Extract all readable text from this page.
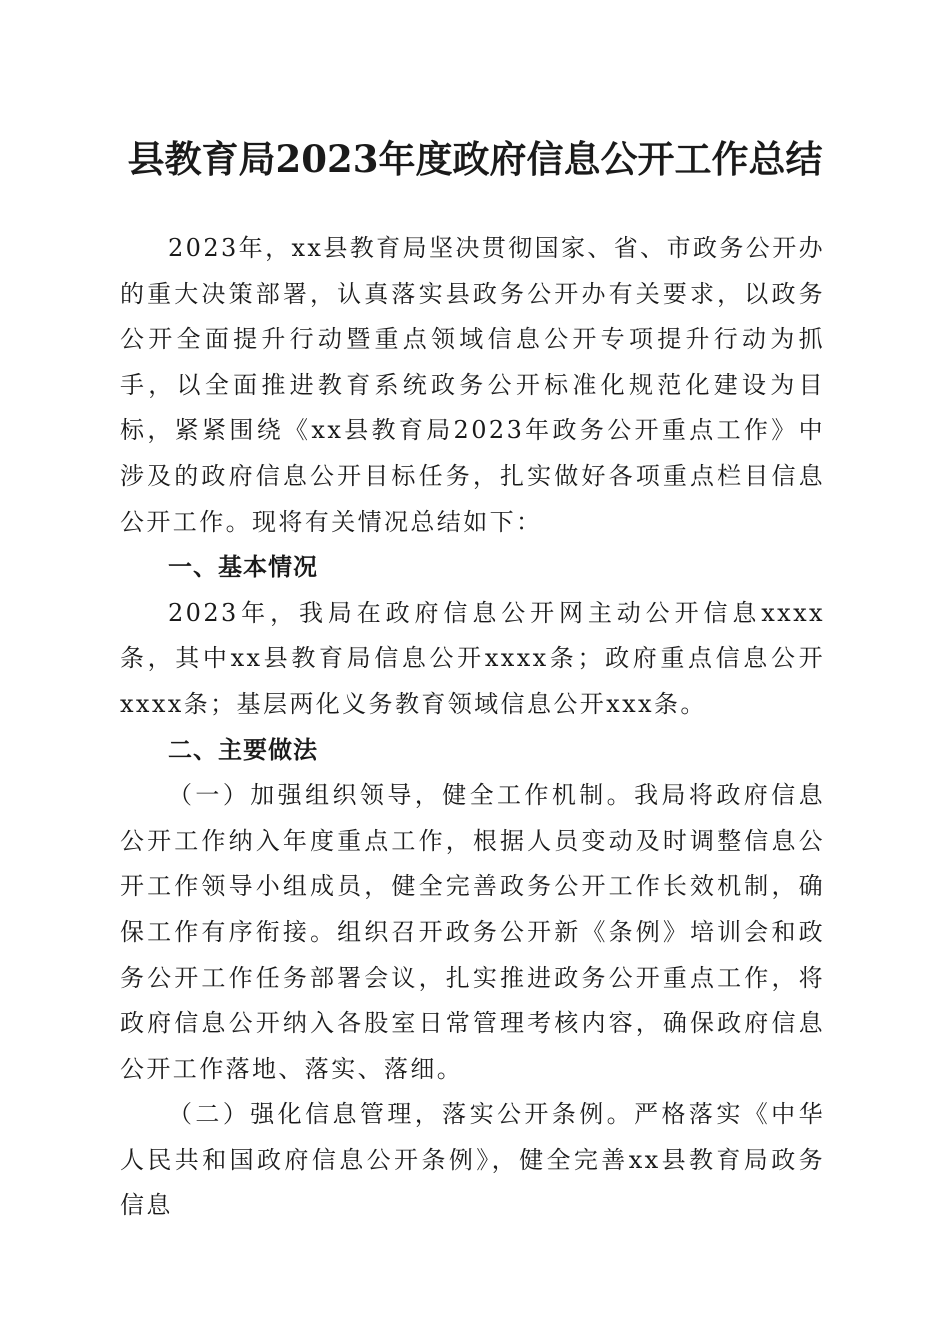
县教育局2023年度政府信息公开工作总结

2023年，xx县教育局坚决贯彻国家、省、市政务公开办的重大决策部署，认真落实县政务公开办有关要求，以政务公开全面提升行动暨重点领域信息公开专项提升行动为抓手，以全面推进教育系统政务公开标准化规范化建设为目标，紧紧围绕《xx县教育局2023年政务公开重点工作》中涉及的政府信息公开目标任务，扎实做好各项重点栏目信息公开工作。现将有关情况总结如下：

一、基本情况

2023年，我局在政府信息公开网主动公开信息xxxx条，其中xx县教育局信息公开xxxx条；政府重点信息公开xxxx条；基层两化义务教育领域信息公开xxx条。

二、主要做法

（一）加强组织领导，健全工作机制。我局将政府信息公开工作纳入年度重点工作，根据人员变动及时调整信息公开工作领导小组成员，健全完善政务公开工作长效机制，确保工作有序衔接。组织召开政务公开新《条例》培训会和政务公开工作任务部署会议，扎实推进政务公开重点工作，将政府信息公开纳入各股室日常管理考核内容，确保政府信息公开工作落地、落实、落细。

（二）强化信息管理，落实公开条例。严格落实《中华人民共和国政府信息公开条例》，健全完善xx县教育局政务信息
